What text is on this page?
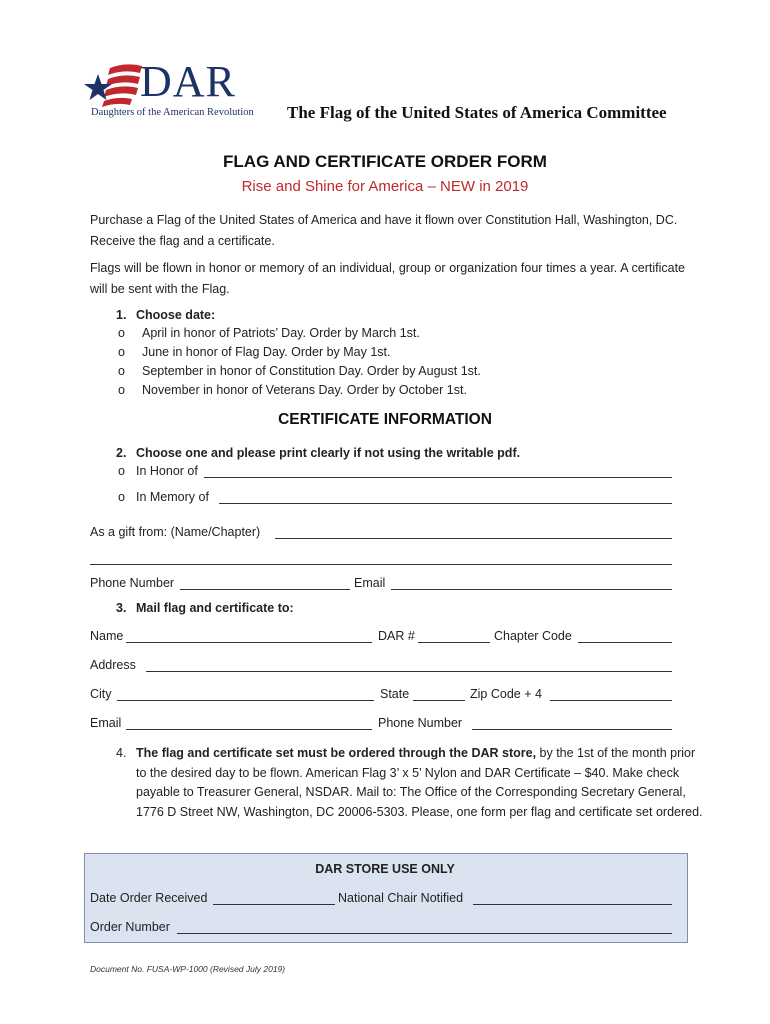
DAR
Daughters of the American Revolution The Flag of the United States of America Committee
FLAG AND CERTIFICATE ORDER FORM
Rise and Shine for America – NEW in 2019
Purchase a Flag of the United States of America and have it flown over Constitution Hall, Washington, DC. Receive the flag and a certificate.
Flags will be flown in honor or memory of an individual, group or organization four times a year. A certificate will be sent with the Flag.
1. Choose date:
o April in honor of Patriots’ Day. Order by March 1st.
o June in honor of Flag Day. Order by May 1st.
o September in honor of Constitution Day. Order by August 1st.
o November in honor of Veterans Day. Order by October 1st.
CERTIFICATE INFORMATION
2. Choose one and please print clearly if not using the writable pdf.
o In Honor of
o In Memory of
As a gift from: (Name/Chapter)
Phone Number	Email
3. Mail flag and certificate to:
Name	DAR #	Chapter Code
Address
City	State	Zip Code + 4
Email	Phone Number
4. The flag and certificate set must be ordered through the DAR store, by the 1st of the month prior
to the desired day to be flown. American Flag 3’ x 5’ Nylon and DAR Certificate – $40. Make check
payable to Treasurer General, NSDAR. Mail to: The Office of the Corresponding Secretary General,
1776 D Street NW, Washington, DC 20006-5303. Please, one form per flag and certificate set ordered.
DAR STORE USE ONLY
Date Order Received	National Chair Notified
Order Number
Document No. FUSA-WP-1000 (Revised July 2019)
